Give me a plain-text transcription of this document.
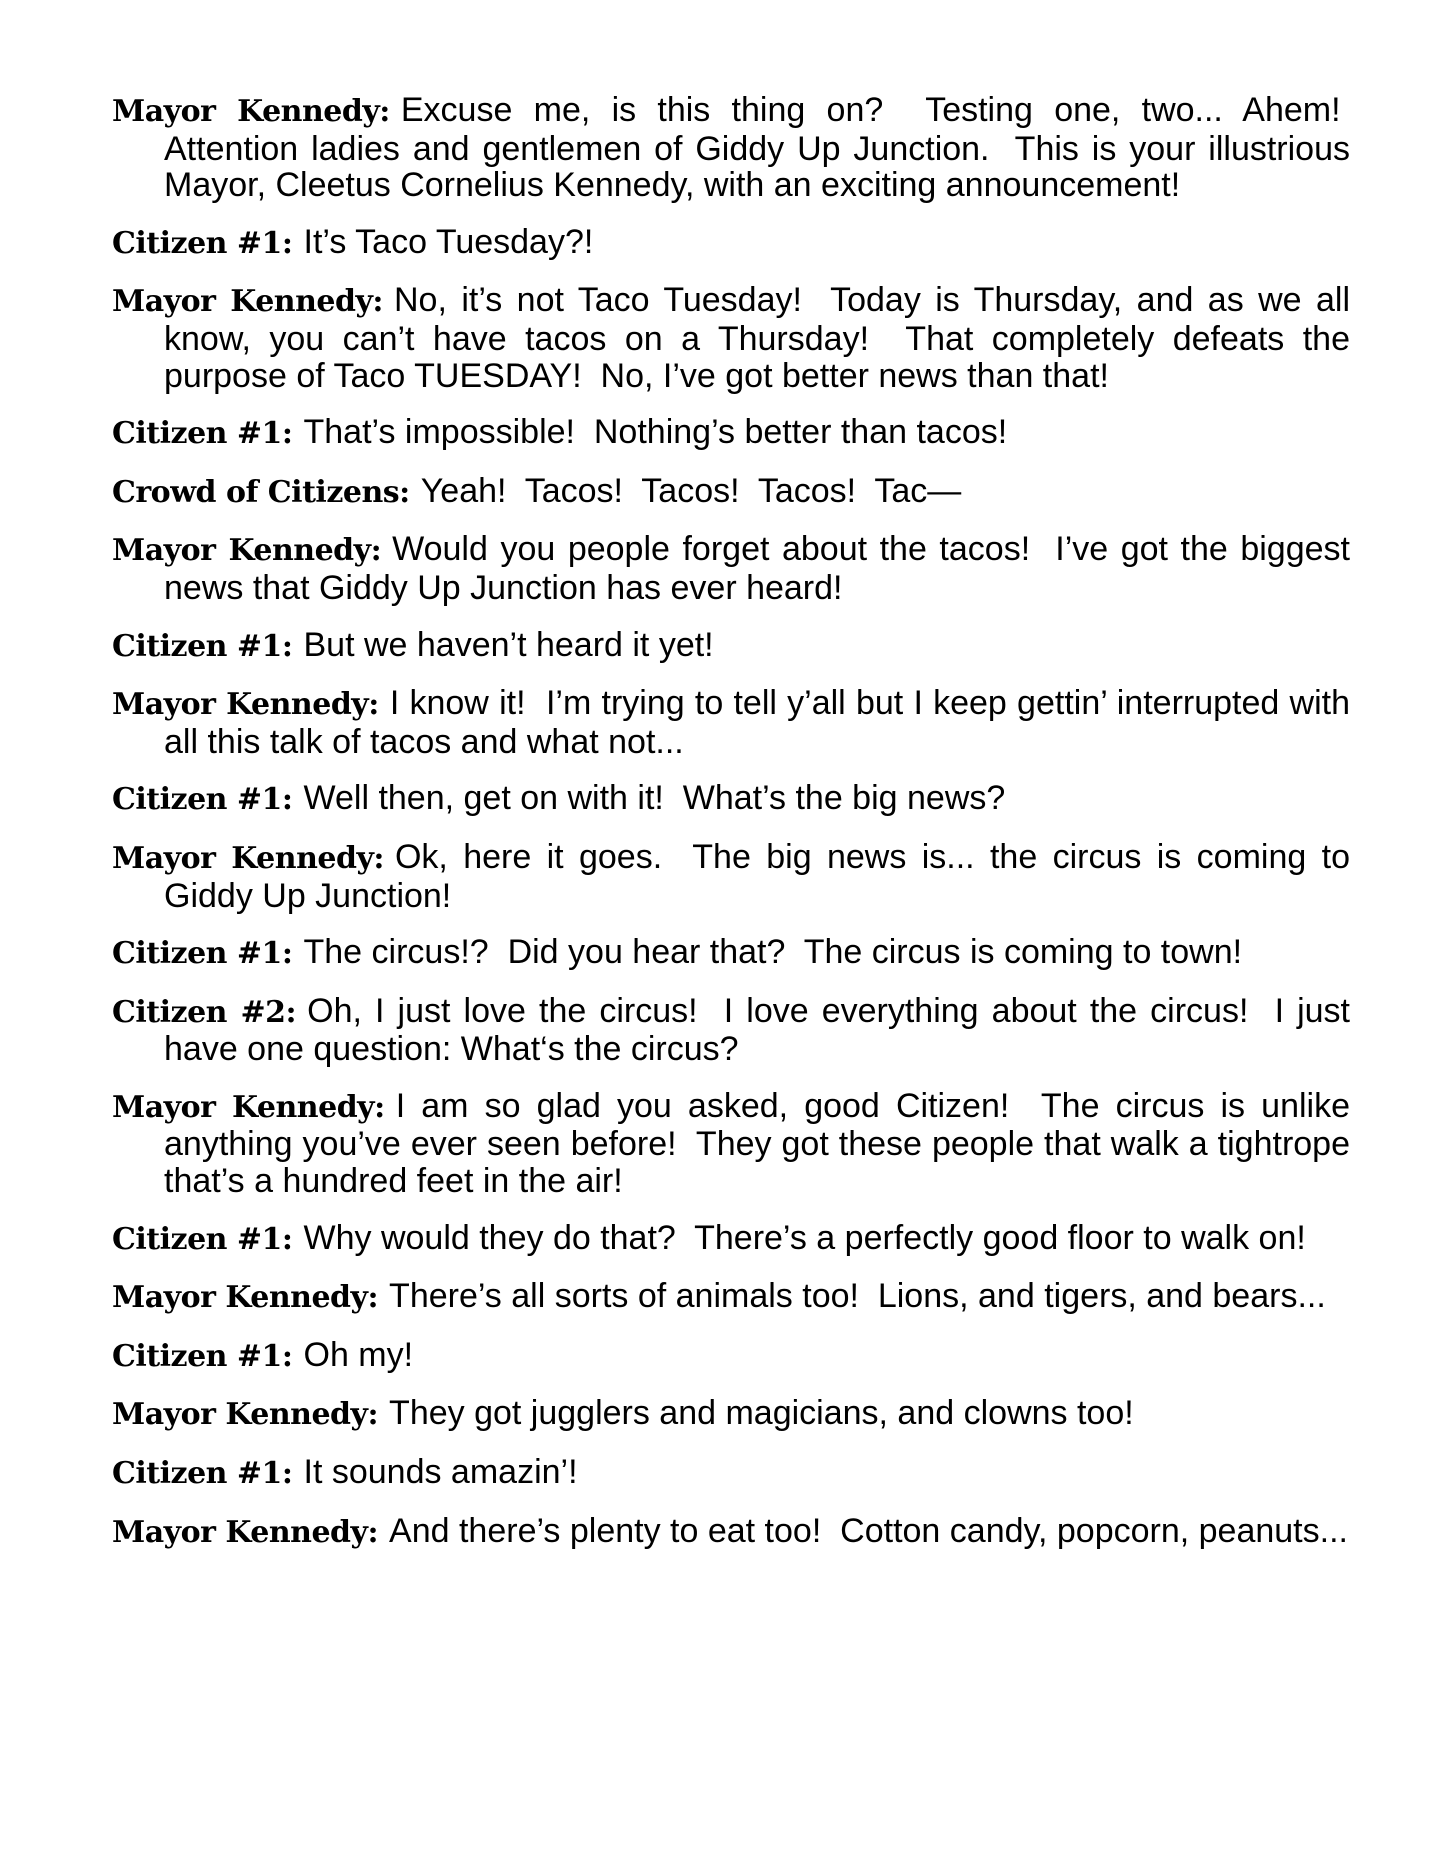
Mayor Kennedy: Excuse me, is this thing on?  Testing one, two... Ahem!  Attention ladies and gentlemen of Giddy Up Junction.  This is your illustrious Mayor, Cleetus Cornelius Kennedy, with an exciting announcement!

Citizen #1: It’s Taco Tuesday?!

Mayor Kennedy: No, it’s not Taco Tuesday!  Today is Thursday, and as we all know, you can’t have tacos on a Thursday!  That completely defeats the purpose of Taco TUESDAY!  No, I’ve got better news than that!

Citizen #1: That’s impossible!  Nothing’s better than tacos!

Crowd of Citizens: Yeah!  Tacos!  Tacos!  Tacos!  Tac—

Mayor Kennedy: Would you people forget about the tacos!  I’ve got the biggest news that Giddy Up Junction has ever heard!

Citizen #1: But we haven’t heard it yet!

Mayor Kennedy: I know it!  I’m trying to tell y’all but I keep gettin’ interrupted with all this talk of tacos and what not...

Citizen #1: Well then, get on with it!  What’s the big news?

Mayor Kennedy: Ok, here it goes.  The big news is... the circus is coming to Giddy Up Junction!

Citizen #1: The circus!?  Did you hear that?  The circus is coming to town!

Citizen #2: Oh, I just love the circus!  I love everything about the circus!  I just have one question: What‘s the circus?

Mayor Kennedy: I am so glad you asked, good Citizen!  The circus is unlike anything you’ve ever seen before!  They got these people that walk a tightrope that’s a hundred feet in the air!

Citizen #1: Why would they do that?  There’s a perfectly good floor to walk on!

Mayor Kennedy: There’s all sorts of animals too!  Lions, and tigers, and bears...

Citizen #1: Oh my!

Mayor Kennedy: They got jugglers and magicians, and clowns too!

Citizen #1: It sounds amazin’!

Mayor Kennedy: And there’s plenty to eat too!  Cotton candy, popcorn, peanuts...
